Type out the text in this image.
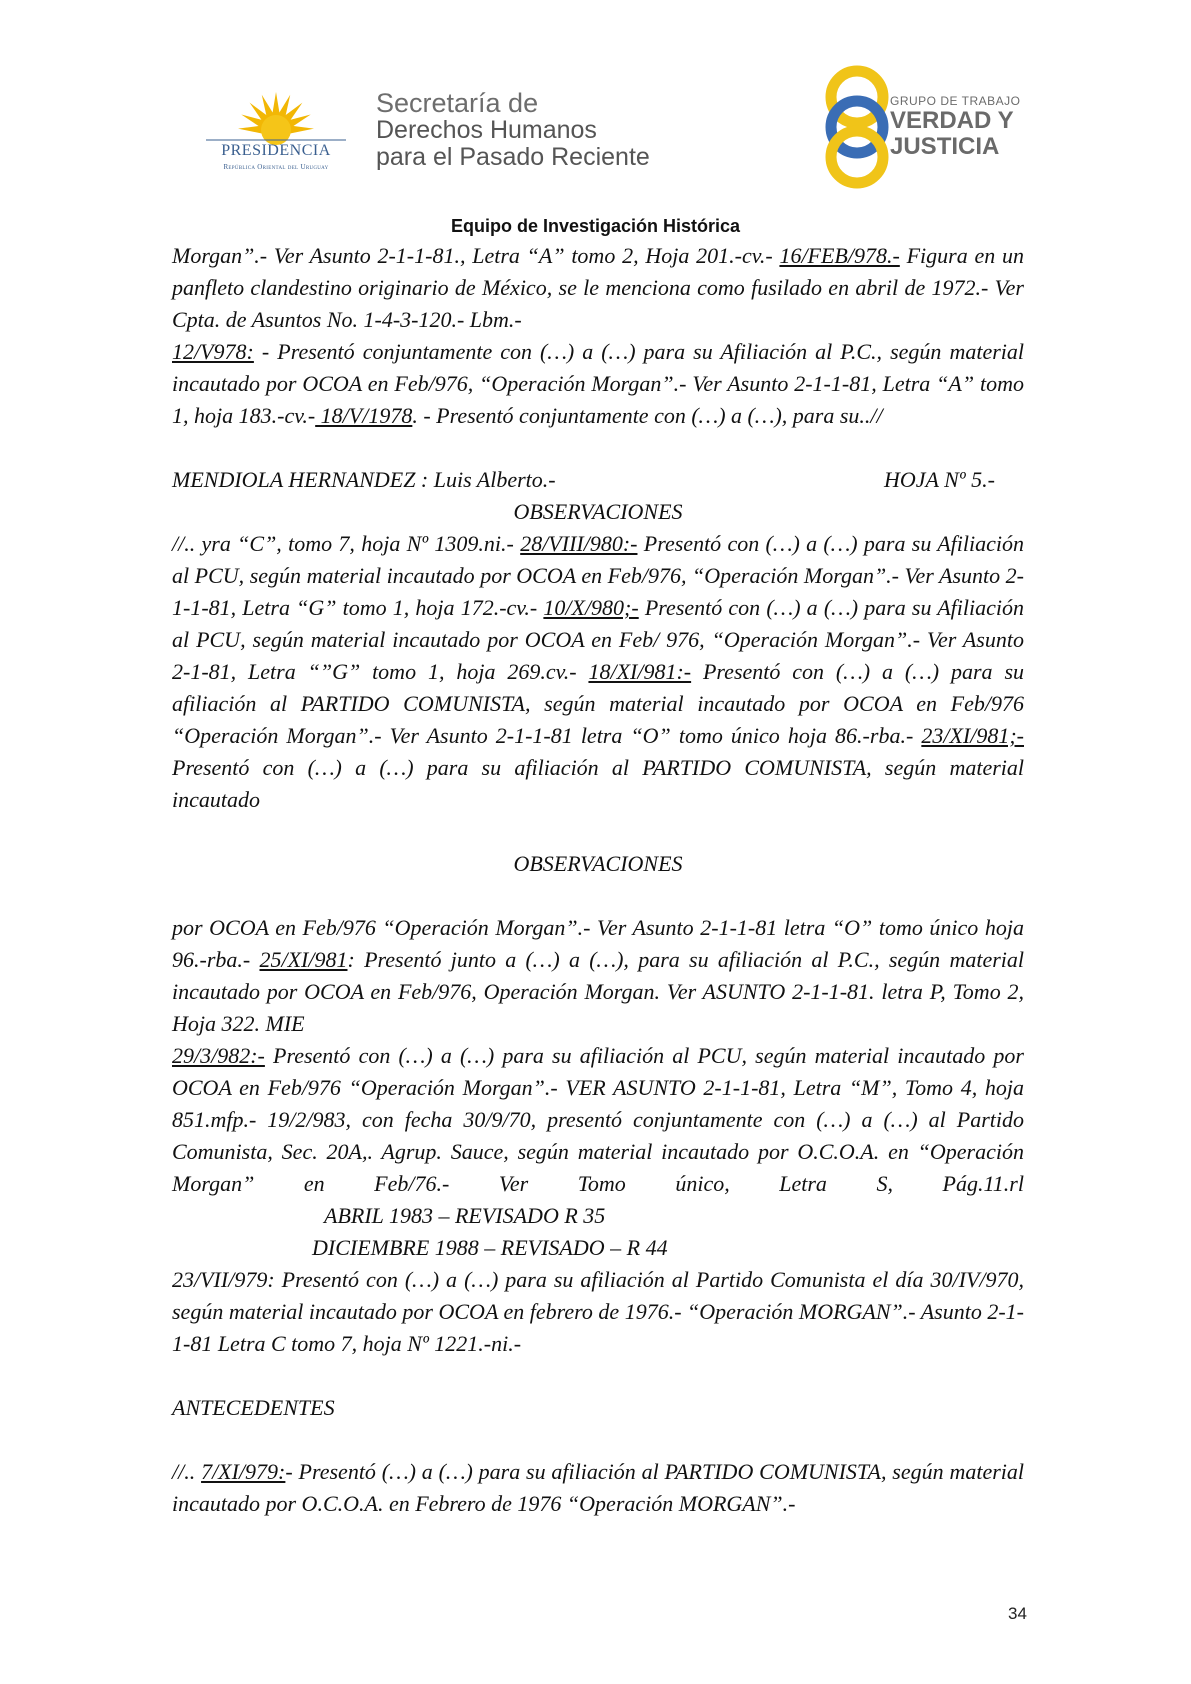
PRESIDENCIA
República Oriental del Uruguay
Secretaría de
Derechos Humanos
para el Pasado Reciente
GRUPO DE TRABAJO
VERDAD Y
JUSTICIA
Equipo de Investigación Histórica

Morgan”.- Ver Asunto 2-1-1-81., Letra “A” tomo 2, Hoja 201.-cv.- 16/FEB/978.- Figura en un panfleto clandestino originario de México, se le menciona como fusilado en abril de 1972.- Ver Cpta. de Asuntos No. 1-4-3-120.- Lbm.-

12/V978: - Presentó conjuntamente con (…) a (…) para su Afiliación al P.C., según material incautado por OCOA en Feb/976, “Operación Morgan”.- Ver Asunto 2-1-1-81, Letra “A” tomo 1, hoja 183.-cv.- 18/V/1978. - Presentó conjuntamente con (…) a (…), para su..//

MENDIOLA HERNANDEZ : Luis Alberto.-	HOJA Nº 5.-

OBSERVACIONES

//.. yra “C”, tomo 7, hoja Nº 1309.ni.- 28/VIII/980:- Presentó con (…) a (…) para su Afiliación al PCU, según material incautado por OCOA en Feb/976, “Operación Morgan”.- Ver Asunto 2-1-1-81, Letra “G” tomo 1, hoja 172.-cv.- 10/X/980;- Presentó con (…) a (…) para su Afiliación al PCU, según material incautado por OCOA en Feb/ 976, “Operación Morgan”.- Ver Asunto 2-1-81, Letra “”G” tomo 1, hoja 269.cv.- 18/XI/981:- Presentó con (…) a (…) para su afiliación al PARTIDO COMUNISTA, según material incautado por OCOA en Feb/976 “Operación Morgan”.- Ver Asunto 2-1-1-81 letra “O” tomo único hoja 86.-rba.- 23/XI/981;- Presentó con (…) a (…) para su afiliación al PARTIDO COMUNISTA, según material incautado

OBSERVACIONES

por OCOA en Feb/976 “Operación Morgan”.- Ver Asunto 2-1-1-81 letra “O” tomo único hoja 96.-rba.- 25/XI/981: Presentó junto a (…) a (…), para su afiliación al P.C., según material incautado por OCOA en Feb/976, Operación Morgan. Ver ASUNTO 2-1-1-81. letra P, Tomo 2, Hoja 322. MIE

29/3/982:- Presentó con (…) a (…) para su afiliación al PCU, según material incautado por OCOA en Feb/976 “Operación Morgan”.- VER ASUNTO 2-1-1-81, Letra “M”, Tomo 4, hoja 851.mfp.- 19/2/983, con fecha 30/9/70, presentó conjuntamente con (…) a (…) al Partido Comunista, Sec. 20A,. Agrup. Sauce, según material incautado por O.C.O.A. en “Operación Morgan” en Feb/76.- Ver Tomo único, Letra S, Pág.11.rlABRIL 1983 – REVISADO R 35

DICIEMBRE 1988 – REVISADO – R 44

23/VII/979: Presentó con (…) a (…) para su afiliación al Partido Comunista el día 30/IV/970, según material incautado por OCOA en febrero de 1976.- “Operación MORGAN”.- Asunto 2-1-1-81 Letra C tomo 7, hoja Nº 1221.-ni.-

ANTECEDENTES

//.. 7/XI/979:- Presentó (…) a (…) para su afiliación al PARTIDO COMUNISTA, según material incautado por O.C.O.A. en Febrero de 1976 “Operación MORGAN”.-

34
